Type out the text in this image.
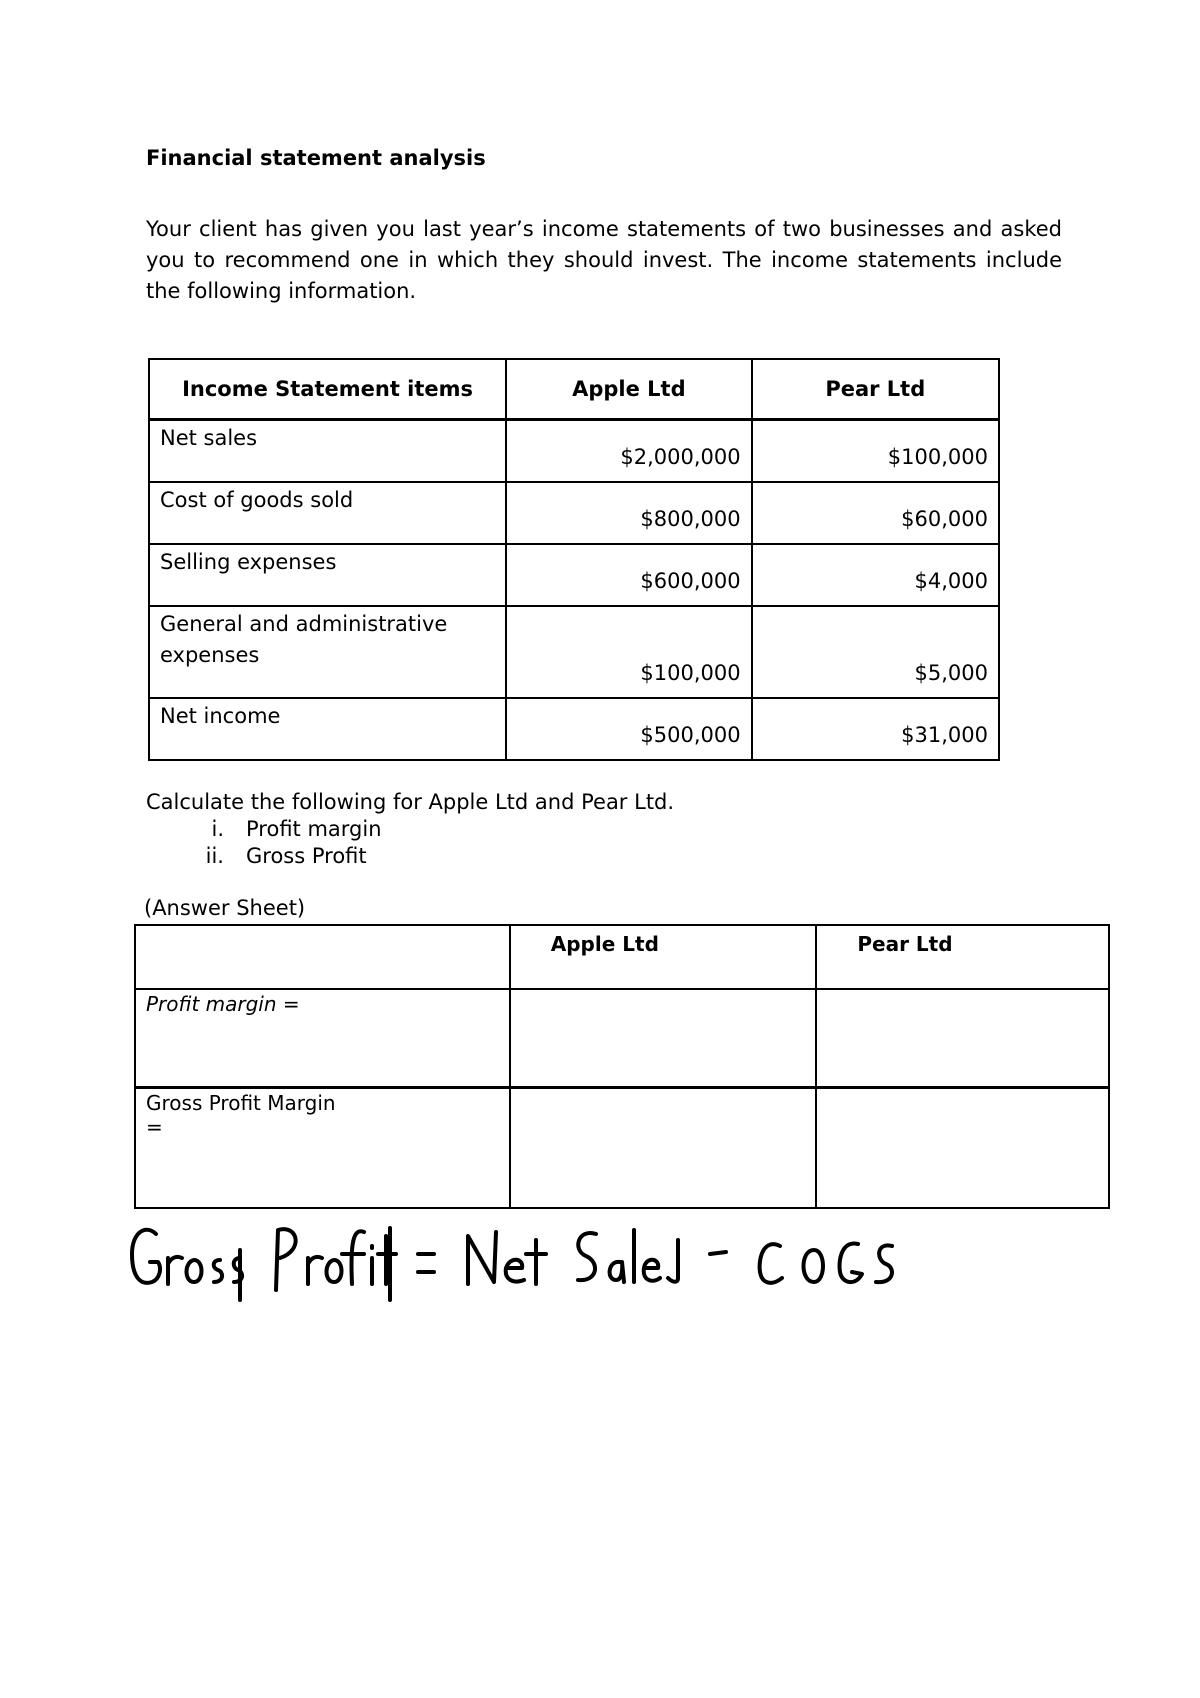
Financial statement analysis

Your client has given you last year’s income statements of two businesses and asked you to recommend one in which they should invest. The income statements include the following information.

Income Statement items	Apple Ltd	Pear Ltd
Net sales	$2,000,000	$100,000
Cost of goods sold	$800,000	$60,000
Selling expenses	$600,000	$4,000
General and administrative expenses	$100,000	$5,000
Net income	$500,000	$31,000

Calculate the following for Apple Ltd and Pear Ltd.

i. Profit margin
ii. Gross Profit

(Answer Sheet)

	Apple Ltd	Pear Ltd
Profit margin =		

Gross Profit Margin =		
